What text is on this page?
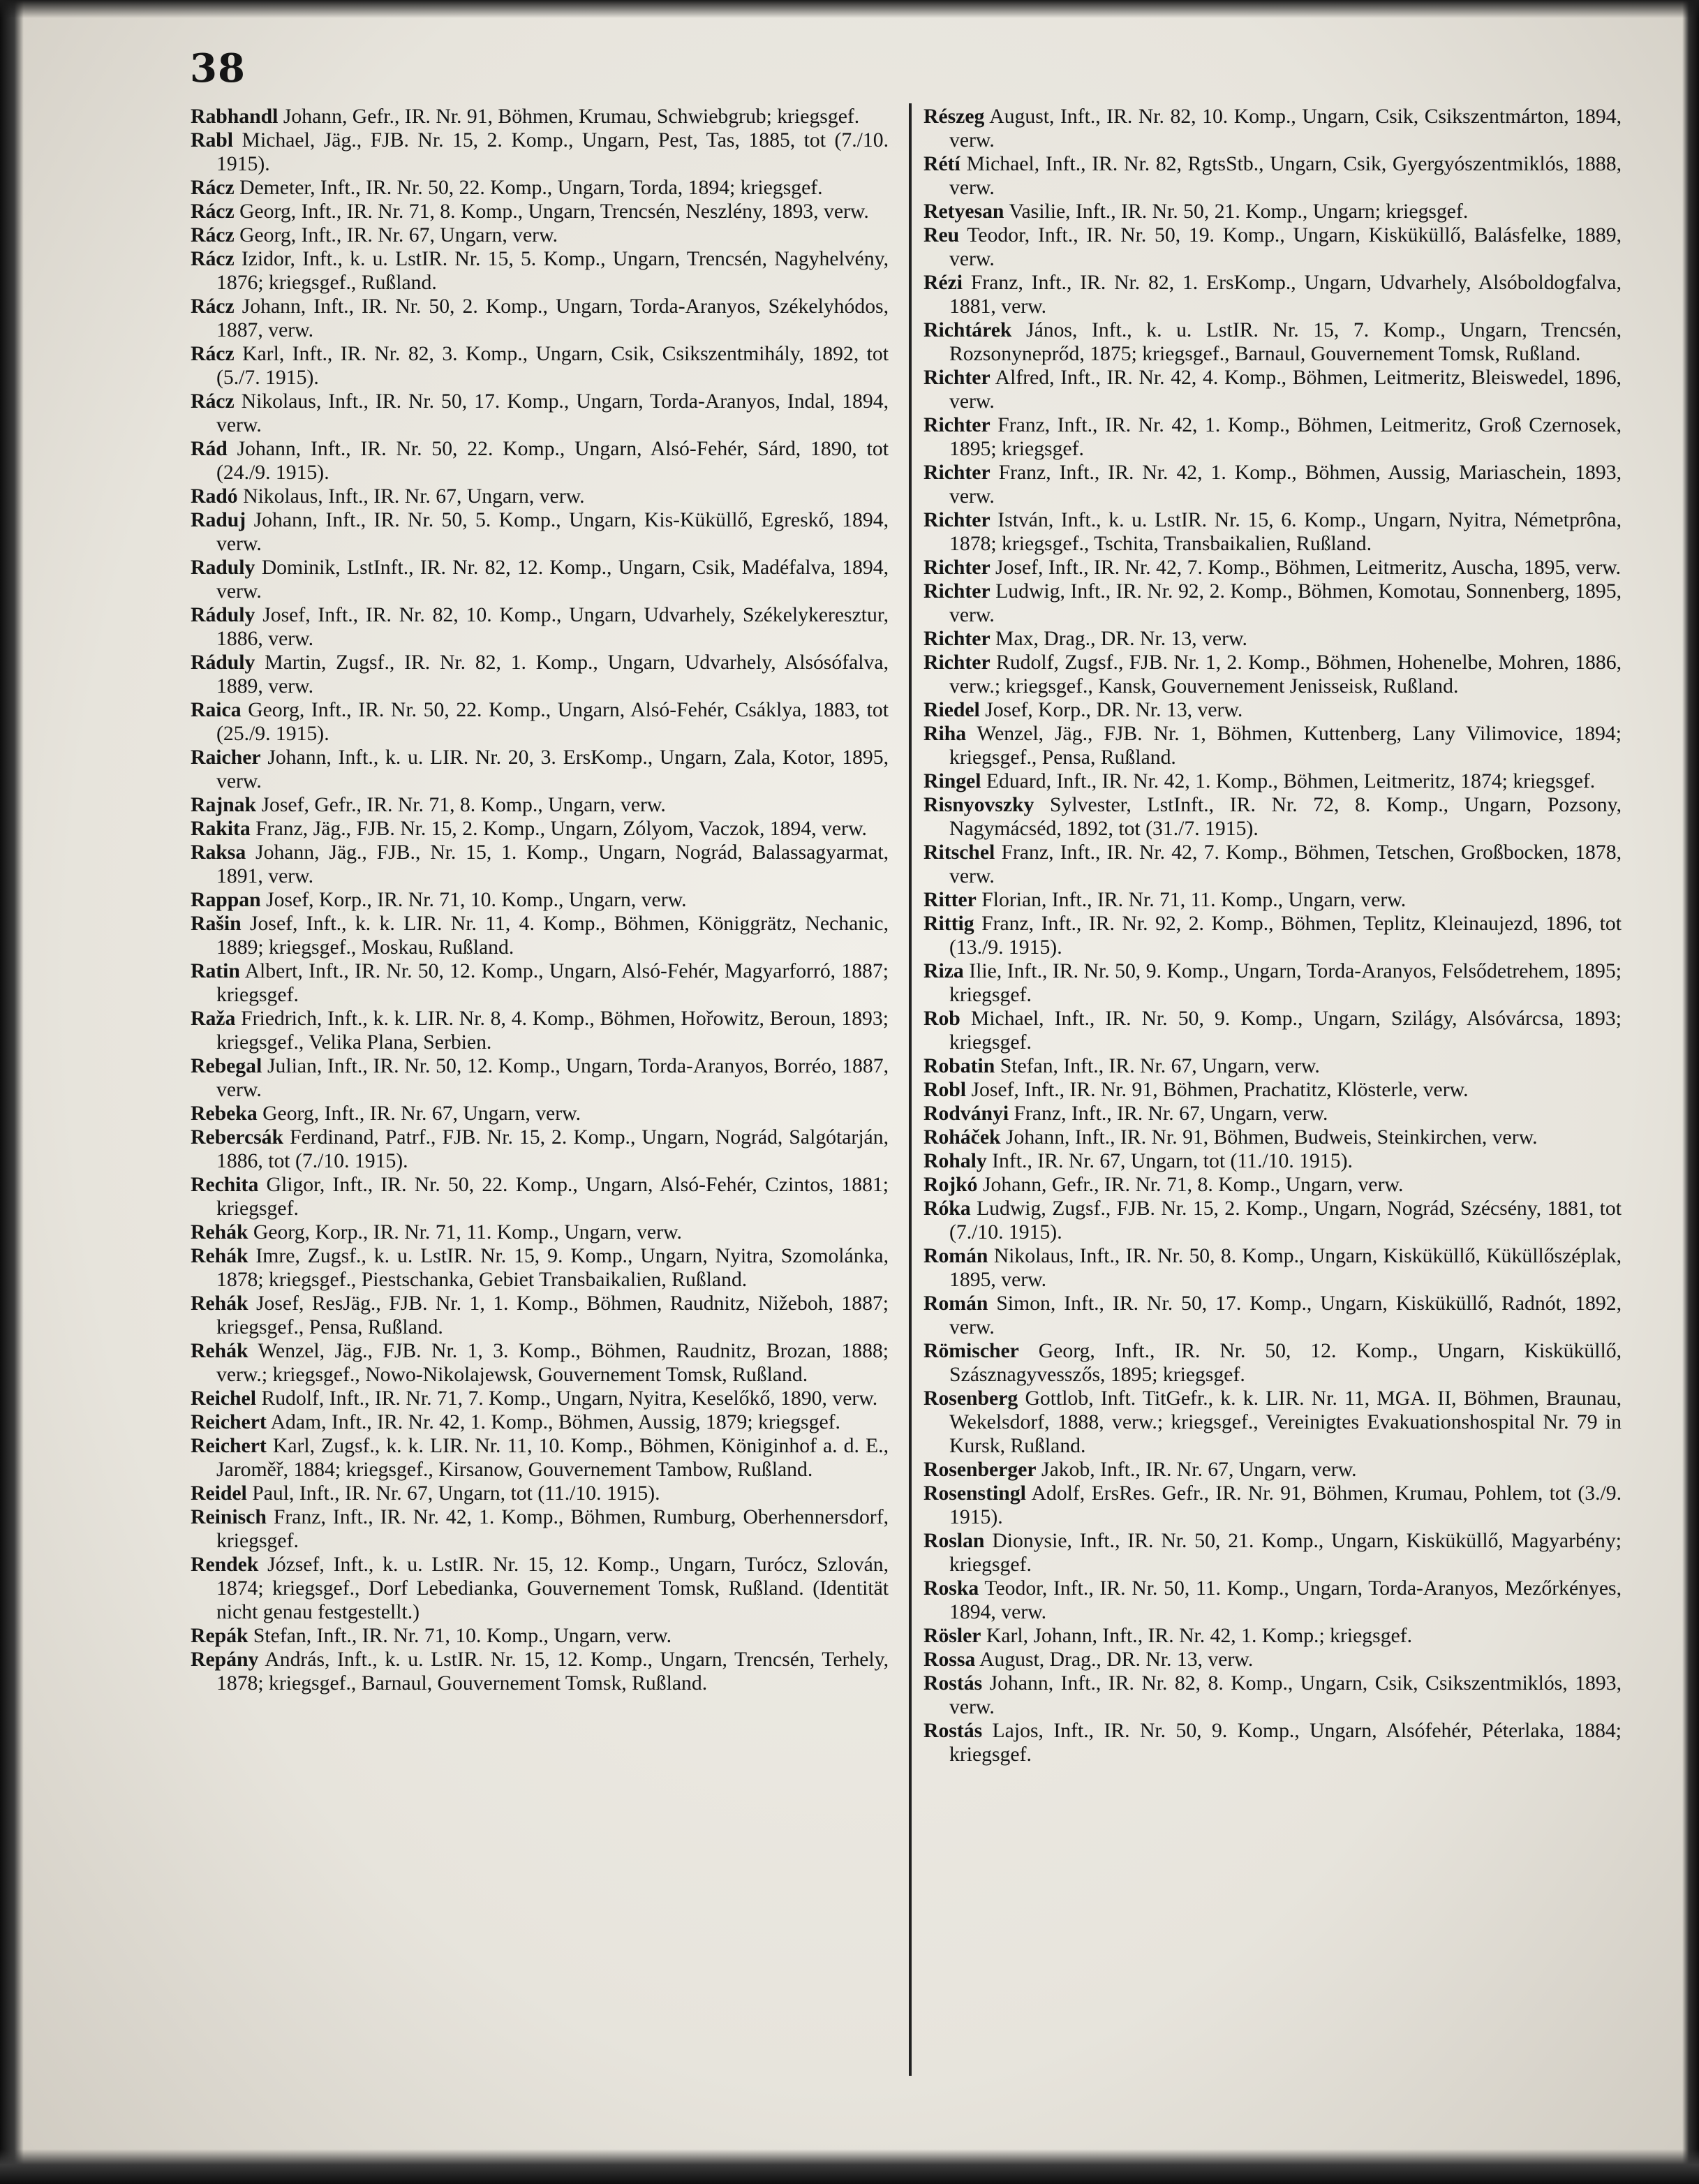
38
Rabhandl Johann, Gefr., IR. Nr. 91, Böhmen, Krumau, Schwiebgrub; kriegsgef.
Rabl Michael, Jäg., FJB. Nr. 15, 2. Komp., Ungarn, Pest, Tas, 1885, tot (7./10. 1915).
Rácz Demeter, Inft., IR. Nr. 50, 22. Komp., Ungarn, Torda, 1894; kriegsgef.
Rácz Georg, Inft., IR. Nr. 71, 8. Komp., Ungarn, Trencsén, Neszlény, 1893, verw.
Rácz Georg, Inft., IR. Nr. 67, Ungarn, verw.
Rácz Izidor, Inft., k. u. LstIR. Nr. 15, 5. Komp., Ungarn, Trencsén, Nagyhelvény, 1876; kriegsgef., Rußland.
Rácz Johann, Inft., IR. Nr. 50, 2. Komp., Ungarn, Torda-Aranyos, Székelyhódos, 1887, verw.
Rácz Karl, Inft., IR. Nr. 82, 3. Komp., Ungarn, Csik, Csikszentmihály, 1892, tot (5./7. 1915).
Rácz Nikolaus, Inft., IR. Nr. 50, 17. Komp., Ungarn, Torda-Aranyos, Indal, 1894, verw.
Rád Johann, Inft., IR. Nr. 50, 22. Komp., Ungarn, Alsó-Fehér, Sárd, 1890, tot (24./9. 1915).
Radó Nikolaus, Inft., IR. Nr. 67, Ungarn, verw.
Raduj Johann, Inft., IR. Nr. 50, 5. Komp., Ungarn, Kis-Küküllő, Egreskő, 1894, verw.
Raduly Dominik, LstInft., IR. Nr. 82, 12. Komp., Ungarn, Csik, Madéfalva, 1894, verw.
Ráduly Josef, Inft., IR. Nr. 82, 10. Komp., Ungarn, Udvarhely, Székelykeresztur, 1886, verw.
Ráduly Martin, Zugsf., IR. Nr. 82, 1. Komp., Ungarn, Udvarhely, Alsósófalva, 1889, verw.
Raica Georg, Inft., IR. Nr. 50, 22. Komp., Ungarn, Alsó-Fehér, Csáklya, 1883, tot (25./9. 1915).
Raicher Johann, Inft., k. u. LIR. Nr. 20, 3. ErsKomp., Ungarn, Zala, Kotor, 1895, verw.
Rajnak Josef, Gefr., IR. Nr. 71, 8. Komp., Ungarn, verw.
Rakita Franz, Jäg., FJB. Nr. 15, 2. Komp., Ungarn, Zólyom, Vaczok, 1894, verw.
Raksa Johann, Jäg., FJB., Nr. 15, 1. Komp., Ungarn, Nográd, Balassagyarmat, 1891, verw.
Rappan Josef, Korp., IR. Nr. 71, 10. Komp., Ungarn, verw.
Rašin Josef, Inft., k. k. LIR. Nr. 11, 4. Komp., Böhmen, Königgrätz, Nechanic, 1889; kriegsgef., Moskau, Rußland.
Ratin Albert, Inft., IR. Nr. 50, 12. Komp., Ungarn, Alsó-Fehér, Magyarforró, 1887; kriegsgef.
Raža Friedrich, Inft., k. k. LIR. Nr. 8, 4. Komp., Böhmen, Hořowitz, Beroun, 1893; kriegsgef., Velika Plana, Serbien.
Rebegal Julian, Inft., IR. Nr. 50, 12. Komp., Ungarn, Torda-Aranyos, Borréo, 1887, verw.
Rebeka Georg, Inft., IR. Nr. 67, Ungarn, verw.
Rebercsák Ferdinand, Patrf., FJB. Nr. 15, 2. Komp., Ungarn, Nográd, Salgótarján, 1886, tot (7./10. 1915).
Rechita Gligor, Inft., IR. Nr. 50, 22. Komp., Ungarn, Alsó-Fehér, Czintos, 1881; kriegsgef.
Rehák Georg, Korp., IR. Nr. 71, 11. Komp., Ungarn, verw.
Rehák Imre, Zugsf., k. u. LstIR. Nr. 15, 9. Komp., Ungarn, Nyitra, Szomolánka, 1878; kriegsgef., Piestschanka, Gebiet Transbaikalien, Rußland.
Rehák Josef, ResJäg., FJB. Nr. 1, 1. Komp., Böhmen, Raudnitz, Nižeboh, 1887; kriegsgef., Pensa, Rußland.
Rehák Wenzel, Jäg., FJB. Nr. 1, 3. Komp., Böhmen, Raudnitz, Brozan, 1888; verw.; kriegsgef., Nowo-Nikolajewsk, Gouvernement Tomsk, Rußland.
Reichel Rudolf, Inft., IR. Nr. 71, 7. Komp., Ungarn, Nyitra, Keselőkő, 1890, verw.
Reichert Adam, Inft., IR. Nr. 42, 1. Komp., Böhmen, Aussig, 1879; kriegsgef.
Reichert Karl, Zugsf., k. k. LIR. Nr. 11, 10. Komp., Böhmen, Königinhof a. d. E., Jaroměř, 1884; kriegsgef., Kirsanow, Gouvernement Tambow, Rußland.
Reidel Paul, Inft., IR. Nr. 67, Ungarn, tot (11./10. 1915).
Reinisch Franz, Inft., IR. Nr. 42, 1. Komp., Böhmen, Rumburg, Oberhennersdorf, kriegsgef.
Rendek József, Inft., k. u. LstIR. Nr. 15, 12. Komp., Ungarn, Turócz, Szlován, 1874; kriegsgef., Dorf Lebedianka, Gouvernement Tomsk, Rußland. (Identität nicht genau festgestellt.)
Repák Stefan, Inft., IR. Nr. 71, 10. Komp., Ungarn, verw.
Repány András, Inft., k. u. LstIR. Nr. 15, 12. Komp., Ungarn, Trencsén, Terhely, 1878; kriegsgef., Barnaul, Gouvernement Tomsk, Rußland.
Részeg August, Inft., IR. Nr. 82, 10. Komp., Ungarn, Csik, Csikszentmárton, 1894, verw.
Rétí Michael, Inft., IR. Nr. 82, RgtsStb., Ungarn, Csik, Gyergyószentmiklós, 1888, verw.
Retyesan Vasilie, Inft., IR. Nr. 50, 21. Komp., Ungarn; kriegsgef.
Reu Teodor, Inft., IR. Nr. 50, 19. Komp., Ungarn, Kisküküllő, Balásfelke, 1889, verw.
Rézi Franz, Inft., IR. Nr. 82, 1. ErsKomp., Ungarn, Udvarhely, Alsóboldogfalva, 1881, verw.
Richtárek János, Inft., k. u. LstIR. Nr. 15, 7. Komp., Ungarn, Trencsén, Rozsonyneprőd, 1875; kriegsgef., Barnaul, Gouvernement Tomsk, Rußland.
Richter Alfred, Inft., IR. Nr. 42, 4. Komp., Böhmen, Leitmeritz, Bleiswedel, 1896, verw.
Richter Franz, Inft., IR. Nr. 42, 1. Komp., Böhmen, Leitmeritz, Groß Czernosek, 1895; kriegsgef.
Richter Franz, Inft., IR. Nr. 42, 1. Komp., Böhmen, Aussig, Mariaschein, 1893, verw.
Richter István, Inft., k. u. LstIR. Nr. 15, 6. Komp., Ungarn, Nyitra, Németprôna, 1878; kriegsgef., Tschita, Transbaikalien, Rußland.
Richter Josef, Inft., IR. Nr. 42, 7. Komp., Böhmen, Leitmeritz, Auscha, 1895, verw.
Richter Ludwig, Inft., IR. Nr. 92, 2. Komp., Böhmen, Komotau, Sonnenberg, 1895, verw.
Richter Max, Drag., DR. Nr. 13, verw.
Richter Rudolf, Zugsf., FJB. Nr. 1, 2. Komp., Böhmen, Hohenelbe, Mohren, 1886, verw.; kriegsgef., Kansk, Gouvernement Jenisseisk, Rußland.
Riedel Josef, Korp., DR. Nr. 13, verw.
Riha Wenzel, Jäg., FJB. Nr. 1, Böhmen, Kuttenberg, Lany Vilimovice, 1894; kriegsgef., Pensa, Rußland.
Ringel Eduard, Inft., IR. Nr. 42, 1. Komp., Böhmen, Leitmeritz, 1874; kriegsgef.
Risnyovszky Sylvester, LstInft., IR. Nr. 72, 8. Komp., Ungarn, Pozsony, Nagymácséd, 1892, tot (31./7. 1915).
Ritschel Franz, Inft., IR. Nr. 42, 7. Komp., Böhmen, Tetschen, Großbocken, 1878, verw.
Ritter Florian, Inft., IR. Nr. 71, 11. Komp., Ungarn, verw.
Rittig Franz, Inft., IR. Nr. 92, 2. Komp., Böhmen, Teplitz, Kleinaujezd, 1896, tot (13./9. 1915).
Riza Ilie, Inft., IR. Nr. 50, 9. Komp., Ungarn, Torda-Aranyos, Felsődetrehem, 1895; kriegsgef.
Rob Michael, Inft., IR. Nr. 50, 9. Komp., Ungarn, Szilágy, Alsóvárcsa, 1893; kriegsgef.
Robatin Stefan, Inft., IR. Nr. 67, Ungarn, verw.
Robl Josef, Inft., IR. Nr. 91, Böhmen, Prachatitz, Klösterle, verw.
Rodványi Franz, Inft., IR. Nr. 67, Ungarn, verw.
Roháček Johann, Inft., IR. Nr. 91, Böhmen, Budweis, Steinkirchen, verw.
Rohaly Inft., IR. Nr. 67, Ungarn, tot (11./10. 1915).
Rojkó Johann, Gefr., IR. Nr. 71, 8. Komp., Ungarn, verw.
Róka Ludwig, Zugsf., FJB. Nr. 15, 2. Komp., Ungarn, Nográd, Szécsény, 1881, tot (7./10. 1915).
Román Nikolaus, Inft., IR. Nr. 50, 8. Komp., Ungarn, Kisküküllő, Küküllőszéplak, 1895, verw.
Román Simon, Inft., IR. Nr. 50, 17. Komp., Ungarn, Kisküküllő, Radnót, 1892, verw.
Römischer Georg, Inft., IR. Nr. 50, 12. Komp., Ungarn, Kisküküllő, Szásznagyvesszős, 1895; kriegsgef.
Rosenberg Gottlob, Inft. TitGefr., k. k. LIR. Nr. 11, MGA. II, Böhmen, Braunau, Wekelsdorf, 1888, verw.; kriegsgef., Vereinigtes Evakuationshospital Nr. 79 in Kursk, Rußland.
Rosenberger Jakob, Inft., IR. Nr. 67, Ungarn, verw.
Rosenstingl Adolf, ErsRes. Gefr., IR. Nr. 91, Böhmen, Krumau, Pohlem, tot (3./9. 1915).
Roslan Dionysie, Inft., IR. Nr. 50, 21. Komp., Ungarn, Kisküküllő, Magyarbény; kriegsgef.
Roska Teodor, Inft., IR. Nr. 50, 11. Komp., Ungarn, Torda-Aranyos, Mezőrkényes, 1894, verw.
Rösler Karl, Johann, Inft., IR. Nr. 42, 1. Komp.; kriegsgef.
Rossa August, Drag., DR. Nr. 13, verw.
Rostás Johann, Inft., IR. Nr. 82, 8. Komp., Ungarn, Csik, Csikszentmiklós, 1893, verw.
Rostás Lajos, Inft., IR. Nr. 50, 9. Komp., Ungarn, Alsófehér, Péterlaka, 1884; kriegsgef.
